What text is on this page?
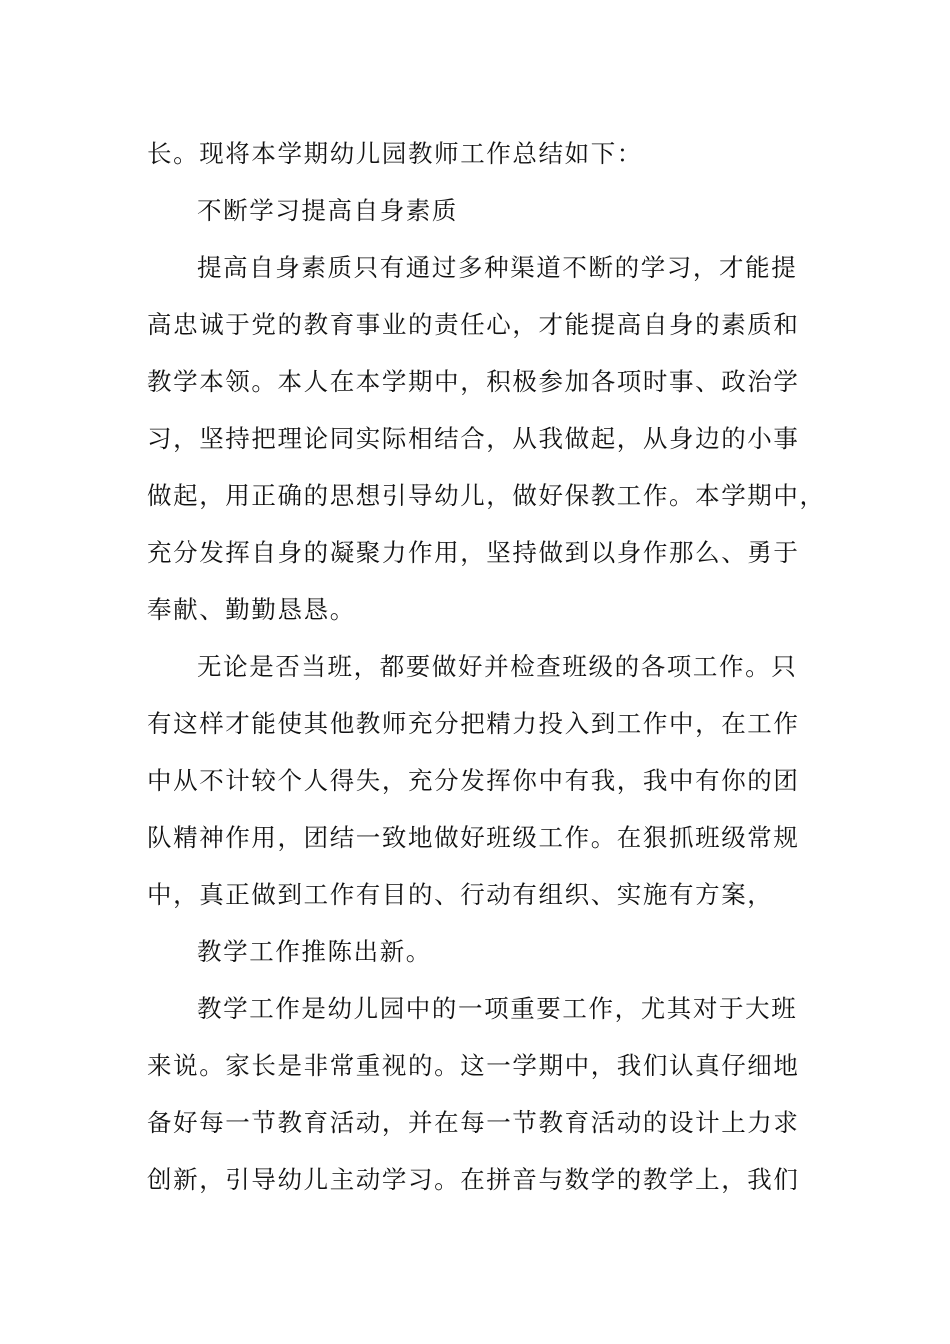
长。现将本学期幼儿园教师工作总结如下：

不断学习提高自身素质

提高自身素质只有通过多种渠道不断的学习，才能提

高忠诚于党的教育事业的责任心，才能提高自身的素质和

教学本领。本人在本学期中，积极参加各项时事、政治学

习，坚持把理论同实际相结合，从我做起，从身边的小事

做起，用正确的思想引导幼儿，做好保教工作。本学期中，

充分发挥自身的凝聚力作用，坚持做到以身作那么、勇于

奉献、勤勤恳恳。

无论是否当班，都要做好并检查班级的各项工作。只

有这样才能使其他教师充分把精力投入到工作中，在工作

中从不计较个人得失，充分发挥你中有我，我中有你的团

队精神作用，团结一致地做好班级工作。在狠抓班级常规

中，真正做到工作有目的、行动有组织、实施有方案，

教学工作推陈出新。

教学工作是幼儿园中的一项重要工作，尤其对于大班

来说。家长是非常重视的。这一学期中，我们认真仔细地

备好每一节教育活动，并在每一节教育活动的设计上力求

创新，引导幼儿主动学习。在拼音与数学的教学上，我们
